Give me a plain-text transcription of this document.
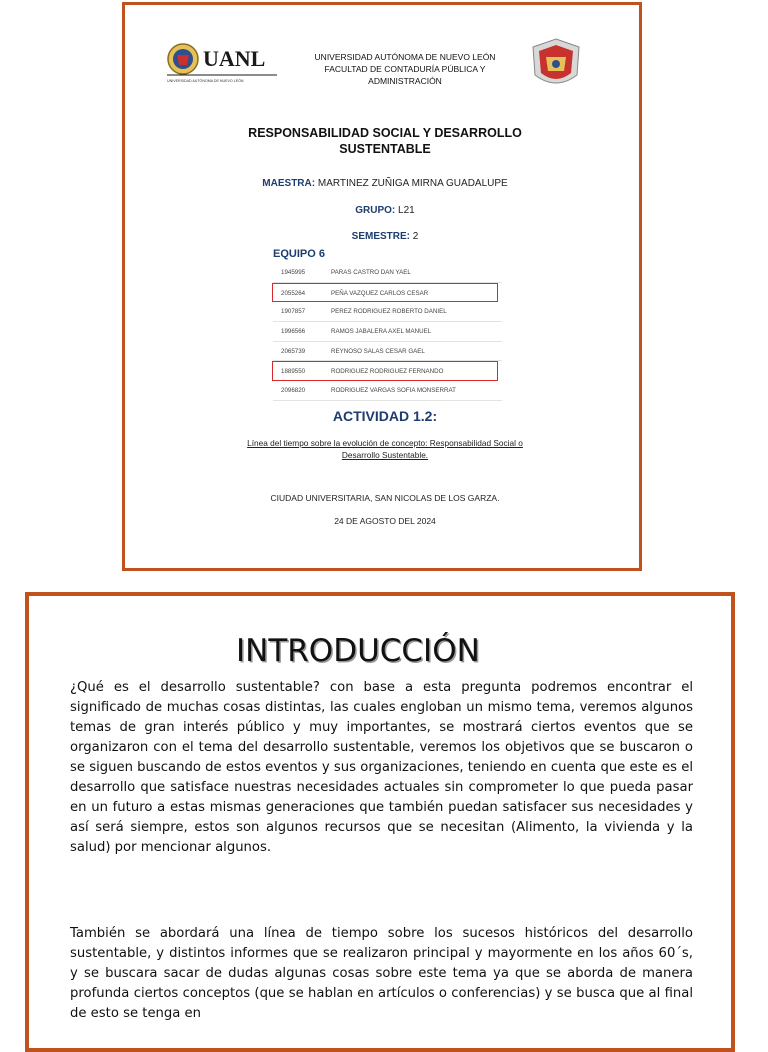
UANL
UNIVERSIDAD AUTÓNOMA DE NUEVO LEÓN
UNIVERSIDAD AUTÓNOMA DE NUEVO LEÓN
FACULTAD DE CONTADURÍA PÚBLICA Y
ADMINISTRACIÓN
RESPONSABILIDAD SOCIAL Y DESARROLLO
SUSTENTABLE
MAESTRA: MARTINEZ ZUÑIGA MIRNA GUADALUPE
GRUPO: L21
SEMESTRE: 2
EQUIPO 6
1945995	PARAS CASTRO DAN YAEL
2055264	PEÑA VAZQUEZ CARLOS CESAR
1907857	PEREZ RODRIGUEZ ROBERTO DANIEL
1996566	RAMOS JABALERA AXEL MANUEL
2065739	REYNOSO SALAS CESAR GAEL
1889550	RODRIGUEZ RODRIGUEZ FERNANDO
2096820	RODRIGUEZ VARGAS SOFIA MONSERRAT
ACTIVIDAD 1.2:
Línea del tiempo sobre la evolución de concepto: Responsabilidad Social o
Desarrollo Sustentable.
CIUDAD UNIVERSITARIA, SAN NICOLAS DE LOS GARZA.
24 DE AGOSTO DEL 2024
INTRODUCCIÓN

¿Qué es el desarrollo sustentable? con base a esta pregunta podremos encontrar el significado de muchas cosas distintas, las cuales engloban un mismo tema, veremos algunos temas de gran interés público y muy importantes, se mostrará ciertos eventos que se organizaron con el tema del desarrollo sustentable, veremos los objetivos que se buscaron o se siguen buscando de estos eventos y sus organizaciones, teniendo en cuenta que este es el desarrollo que satisface nuestras necesidades actuales sin comprometer lo que pueda pasar en un futuro a estas mismas generaciones que también puedan satisfacer sus necesidades y así será siempre, estos son algunos recursos que se necesitan (Alimento, la vivienda y la salud) por mencionar algunos.

También se abordará una línea de tiempo sobre los sucesos históricos del desarrollo sustentable, y distintos informes que se realizaron principal y mayormente en los años 60´s, y se buscara sacar de dudas algunas cosas sobre este tema ya que se aborda de manera profunda ciertos conceptos (que se hablan en artículos o conferencias) y se busca que al final de esto se tenga en
